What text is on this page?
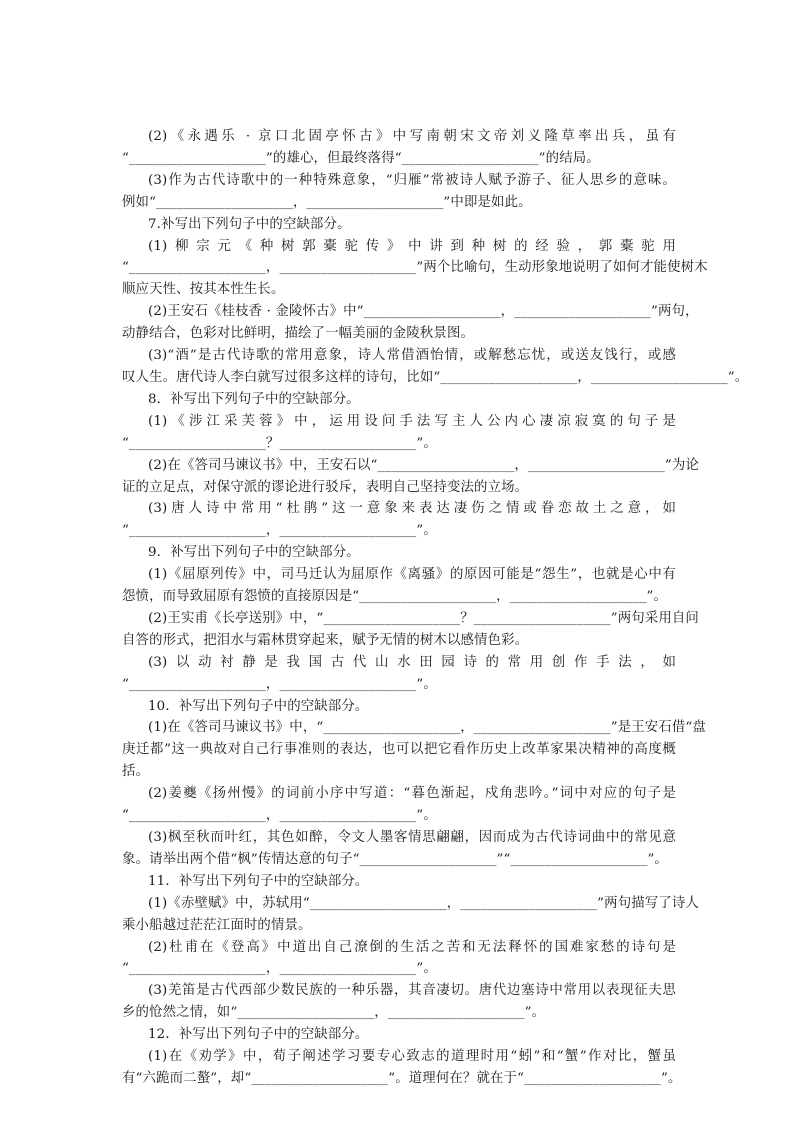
(2)《永遇乐 · 京口北固亭怀古》中写南朝宋文帝刘义隆草率出兵，虽有
“____________________”的雄心，但最终落得“____________________”的结局。
(3)作为古代诗歌中的一种特殊意象，“归雁”常被诗人赋予游子、征人思乡的意味。
例如“____________________，____________________”中即是如此。
7.补写出下列句子中的空缺部分。
(1)柳宗元《种树郭橐驼传》中讲到种树的经验，郭橐驼用
“____________________，____________________”两个比喻句，生动形象地说明了如何才能使树木
顺应天性、按其本性生长。
(2)王安石《桂枝香 · 金陵怀古》中“____________________，____________________”两句，
动静结合，色彩对比鲜明，描绘了一幅美丽的金陵秋景图。
(3)“酒”是古代诗歌的常用意象，诗人常借酒怡情，或解愁忘忧，或送友饯行，或感
叹人生。唐代诗人李白就写过很多这样的诗句，比如“____________________，____________________”。
8．补写出下列句子中的空缺部分。
(1)《涉江采芙蓉》中，运用设问手法写主人公内心凄凉寂寞的句子是
“____________________？____________________”。
(2)在《答司马谏议书》中，王安石以“____________________，____________________”为论
证的立足点，对保守派的谬论进行驳斥，表明自己坚持变法的立场。
(3)唐人诗中常用“杜鹃”这一意象来表达凄伤之情或眷恋故土之意，如
“____________________，____________________”。
9．补写出下列句子中的空缺部分。
(1)《屈原列传》中，司马迁认为屈原作《离骚》的原因可能是“怨生”，也就是心中有
怨愤，而导致屈原有怨愤的直接原因是“____________________，____________________”。
(2)王实甫《长亭送别》中，“____________________？____________________”两句采用自问
自答的形式，把泪水与霜林贯穿起来，赋予无情的树木以感情色彩。
(3)以动衬静是我国古代山水田园诗的常用创作手法，如
“____________________，____________________”。
10．补写出下列句子中的空缺部分。
(1)在《答司马谏议书》中，“____________________，____________________”是王安石借“盘
庚迁都”这一典故对自己行事准则的表达，也可以把它看作历史上改革家果决精神的高度概
括。
(2)姜夔《扬州慢》的词前小序中写道：“暮色渐起，戍角悲吟。”词中对应的句子是
“____________________，____________________”。
(3)枫至秋而叶红，其色如醉，令文人墨客情思翩翩，因而成为古代诗词曲中的常见意
象。请举出两个借“枫”传情达意的句子“____________________”“____________________”。
11．补写出下列句子中的空缺部分。
(1)《赤壁赋》中，苏轼用“____________________，____________________”两句描写了诗人
乘小船越过茫茫江面时的情景。
(2)杜甫在《登高》中道出自己潦倒的生活之苦和无法释怀的国难家愁的诗句是
“____________________，____________________”。
(3)羌笛是古代西部少数民族的一种乐器，其音凄切。唐代边塞诗中常用以表现征夫思
乡的怆然之情，如“____________________，____________________”。
12．补写出下列句子中的空缺部分。
(1)在《劝学》中，荀子阐述学习要专心致志的道理时用“蚓”和“蟹”作对比，蟹虽
有“六跪而二螯”，却“____________________”。道理何在？就在于“____________________”。
